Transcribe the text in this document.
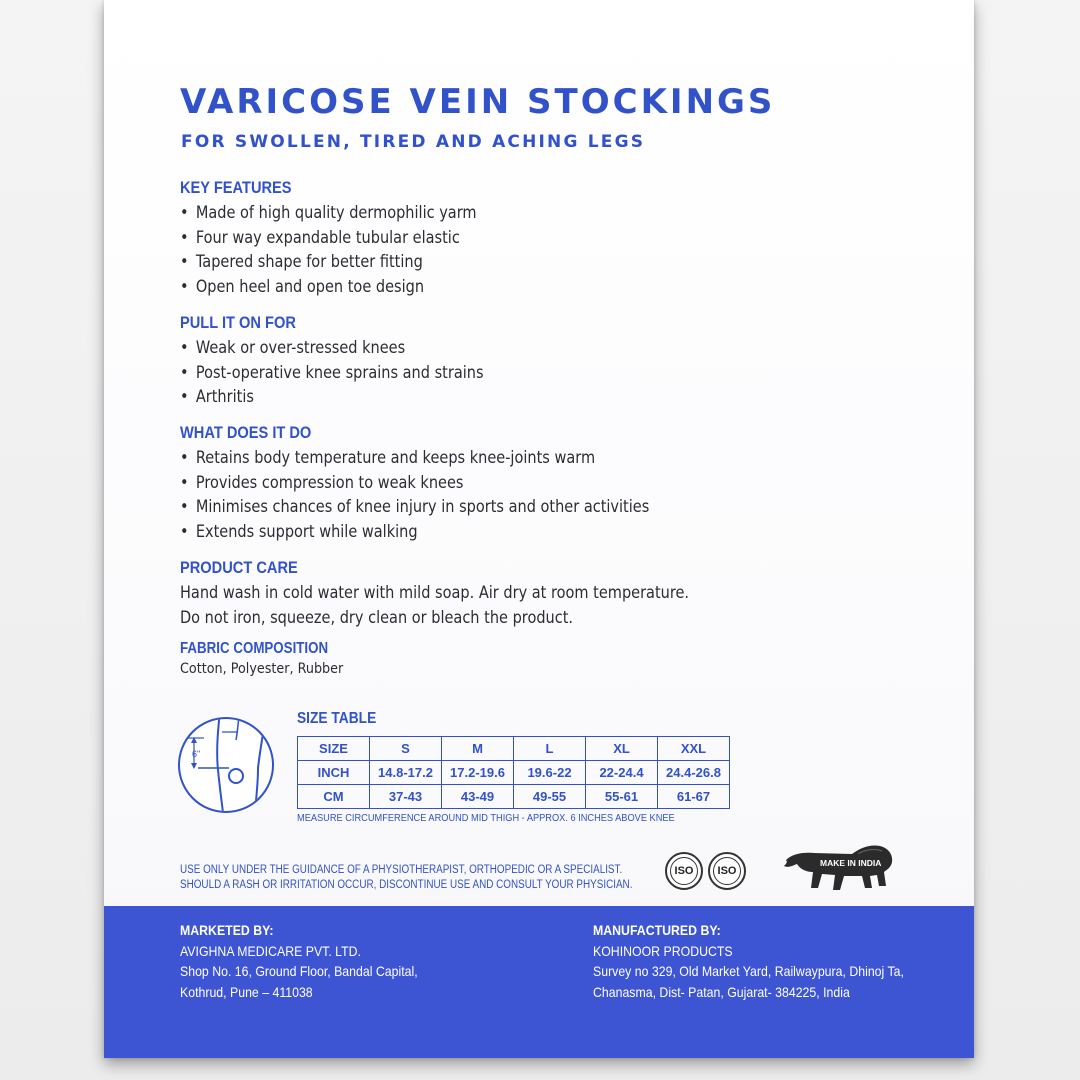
VARICOSE VEIN STOCKINGS
FOR SWOLLEN, TIRED AND ACHING LEGS
KEY FEATURES
• Made of high quality dermophilic yarm
• Four way expandable tubular elastic
• Tapered shape for better fitting
• Open heel and open toe design
PULL IT ON FOR
• Weak or over-stressed knees
• Post-operative knee sprains and strains
• Arthritis
WHAT DOES IT DO
• Retains body temperature and keeps knee-joints warm
• Provides compression to weak knees
• Minimises chances of knee injury in sports and other activities
• Extends support while walking
PRODUCT CARE
Hand wash in cold water with mild soap. Air dry at room temperature.
Do not iron, squeeze, dry clean or bleach the product.
FABRIC COMPOSITION

Cotton, Polyester, Rubber

6"
SIZE TABLE
SIZE	S	M	L	XL	XXL
INCH	14.8-17.2	17.2-19.6	19.6-22	22-24.4	24.4-26.8
CM	37-43	43-49	49-55	55-61	61-67

MEASURE CIRCUMFERENCE AROUND MID THIGH - APPROX. 6 INCHES ABOVE KNEE

USE ONLY UNDER THE GUIDANCE OF A PHYSIOTHERAPIST, ORTHOPEDIC OR A SPECIALIST.
SHOULD A RASH OR IRRITATION OCCUR, DISCONTINUE USE AND CONSULT YOUR PHYSICIAN.
ISO ISO
MAKE IN INDIA

MARKETED BY:

AVIGHNA MEDICARE PVT. LTD.

Shop No. 16, Ground Floor, Bandal Capital,

Kothrud, Pune – 411038

MANUFACTURED BY:

KOHINOOR PRODUCTS

Survey no 329, Old Market Yard, Railwaypura, Dhinoj Ta,

Chanasma, Dist- Patan, Gujarat- 384225, India
